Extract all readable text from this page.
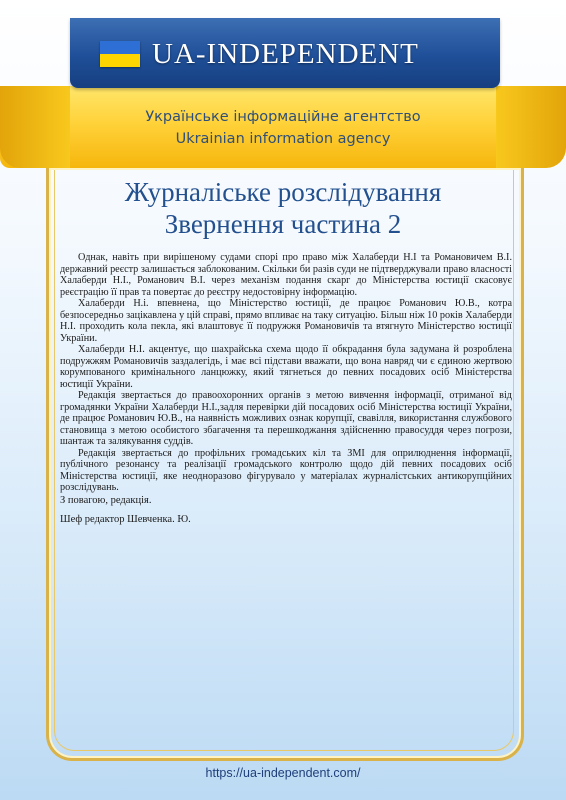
UA-INDEPENDENT
Українське інформаційне агентство
Ukrainian information agency
Журналіське розслідування
Звернення частина 2

Однак, навіть при вирішеному судами спорі про право між Халаберди Н.І та Романовичем В.І. державний реєстр залишається заблокованим. Скільки би разів суди не підтверджували право власності Халаберди Н.І., Романович В.І. через механізм подання скарг до Міністерства юстиції скасовує реєстрацію її прав та повертає до реєстру недостовірну інформацію.

Халаберди Н.і. впевнена, що Міністерство юстиції, де працює Романович Ю.В., котра безпосередньо зацікавлена у цій справі, прямо впливає на таку ситуацію. Більш ніж 10 років Халаберди Н.І. проходить кола пекла, які влаштовує її подружжя Романовичів та втягнуто Міністерство юстиції України.

Халаберди Н.І. акцентує, що шахрайська схема щодо її обкрадання була задумана й розроблена подружжям Романовичів заздалегідь, і має всі підстави вважати, що вона навряд чи є єдиною жертвою корумпованого кримінального ланцюжку, який тягнеться до певних посадових осіб Міністерства юстиції України.

Редакція звертається до правоохоронних органів з метою вивчення інформації, отриманої від громадянки України Халаберди Н.І.,задля перевірки дій посадових осіб Міністерства юстиції України, де працює Романович Ю.В., на наявність можливих ознак корупції, свавілля, використання службового становища з метою особистого збагачення та перешкоджання здійсненню правосуддя через погрози, шантаж та залякування суддів.

Редакція звертається до профільних громадських кіл та ЗМІ для оприлюднення інформації, публічного резонансу та реалізації громадського контролю щодо дій певних посадових осіб Міністерства юстиції, яке неодноразово фігурувало у матеріалах журналістських антикорупційних розслідувань.

З повагою, редакція.
Шеф редактор Шевченка. Ю.
https://ua-independent.com/
